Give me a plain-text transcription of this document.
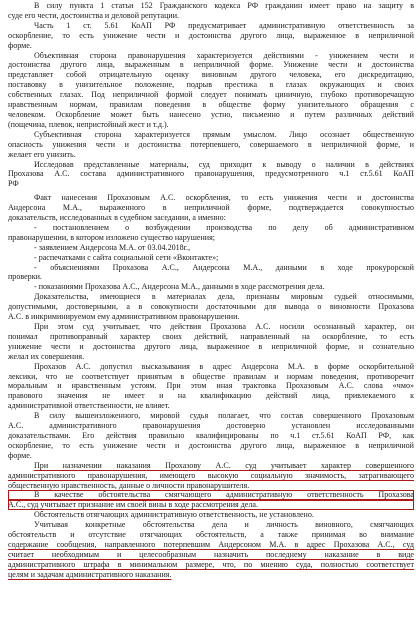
В силу пункта 1 статьи 152 Гражданского кодекса РФ гражданин имеет право на защиту в
суде его чести, достоинства и деловой репутации.
Часть 1 ст. 5.61 КоАП РФ предусматривает административную ответственность за
оскорбление, то есть унижение чести и достоинства другого лица, выраженное в неприличной
форме.
Объективная сторона правонарушения характеризуется действиями - унижением чести и
достоинства другого лица, выраженным в неприличной форме. Унижение чести и достоинства
представляет собой отрицательную оценку виновным другого человека, его дискредитацию,
поставовку в унизительное положение, подрыв престижа в глазах окружающих и своих
собственных глазах. Под неприличной формой следует понимать циничную, глубоко противоречащую
нравственным нормам, правилам поведения в обществе форму унизительного обращения с
человеком. Оскорбление может быть нанесено устно, письменно и путем различных действий
(пощечина, плевок, непристойный жест и т.д.).
Субъективная сторона характеризуется прямым умыслом. Лицо осознает общественную
опасность унижения чести и достоинства потерпевшего, совершаемого в неприличной форме, и
желает его унизить.
Исследовав представленные материалы, суд приходит к выводу о наличии в действиях
Прохазова А.С. состава административного правонарушения, предусмотренного ч.1 ст.5.61 КоАП
РФ
Факт нанесения Прохазовым А.С. оскорбления, то есть унижения чести и достоинства
Андерсона М.А., выраженного в неприличной форме, подтверждается совокупностью
доказательств, исследованных в судебном заседании, а именно:
- постановлением о возбуждении производства по делу об административном
правонарушении, в котором изложено существо нарушения;
- заявлением Андерсона М.А. от 03.04.2018г.,
- распечатками с сайта социальной сети «Вконтакте»;
- объяснениями Прохазова А.С., Андерсона М.А., данными в ходе прокурорской
проверки.
- показаниями Прохазова А.С., Андерсона М.А., данными в ходе рассмотрения дела.
Доказательства, имеющиеся в материалах дела, признаны мировым судьей относимыми,
допустимыми, достоверными, а в совокупности достаточными для вывода о виновности Прохазова
А.С. в инкриминируемом ему административном правонарушении.
При этом суд учитывает, что действия Прохазова А.С. носили осознанный характер, он
понимал противоправный характер своих действий, направленный на оскорбление, то есть
унижение чести и достоинства другого лица, выраженное в неприличной форме, и сознательно
желал их совершения.
Прохазов А.С. допустил высказывания в адрес Андерсона М.А. в форме оскорбительной
лексики, что не соответствует принятым в обществе правилам и нормам поведения, противоречит
моральным и нравственным устоям. При этом иная трактовка Прохазовым А.С. слова «чмо»
правового значения не имеет и на квалификацию действий лица, привлекаемого к
административной ответственности, не влияет.
В силу вышеизложенного, мировой судья полагает, что состав совершенного Прохазовым
А.С. административного правонарушения достоверно установлен исследованными
доказательствами. Его действия правильно квалифицированы по ч.1 ст.5.61 КоАП РФ, как
оскорбление, то есть унижение чести и достоинства другого лица, выраженное в неприличной
форме.
При назначении наказания Прохазову А.С. суд учитывает характер совершенного
административного правонарушения, имеющего высокую социальную значимость, затрагивающего
общественную нравственность, данные о личности правонарушителя.
В качестве обстоятельства смягчающего административную ответственность Прохазова
А.С., суд учитывает признание им своей вины в ходе рассмотрения дела.
Обстоятельств отягчающих административную ответственность, не установлено.
Учитывая конкретные обстоятельства дела и личность виновного, смягчающих
обстоятельств и отсутствие отягчающих обстоятельств, а также принимая во внимание
содержание сообщения, направленного потерпевшим Андерсоном М.А. в адрес Прохазова А.С., суд
считает необходимым и целесообразным назначить последнему наказание в виде
административного штрафа в минимальном размере, что, по мнению суда, полностью соответствует
целям и задачам административного наказания.
